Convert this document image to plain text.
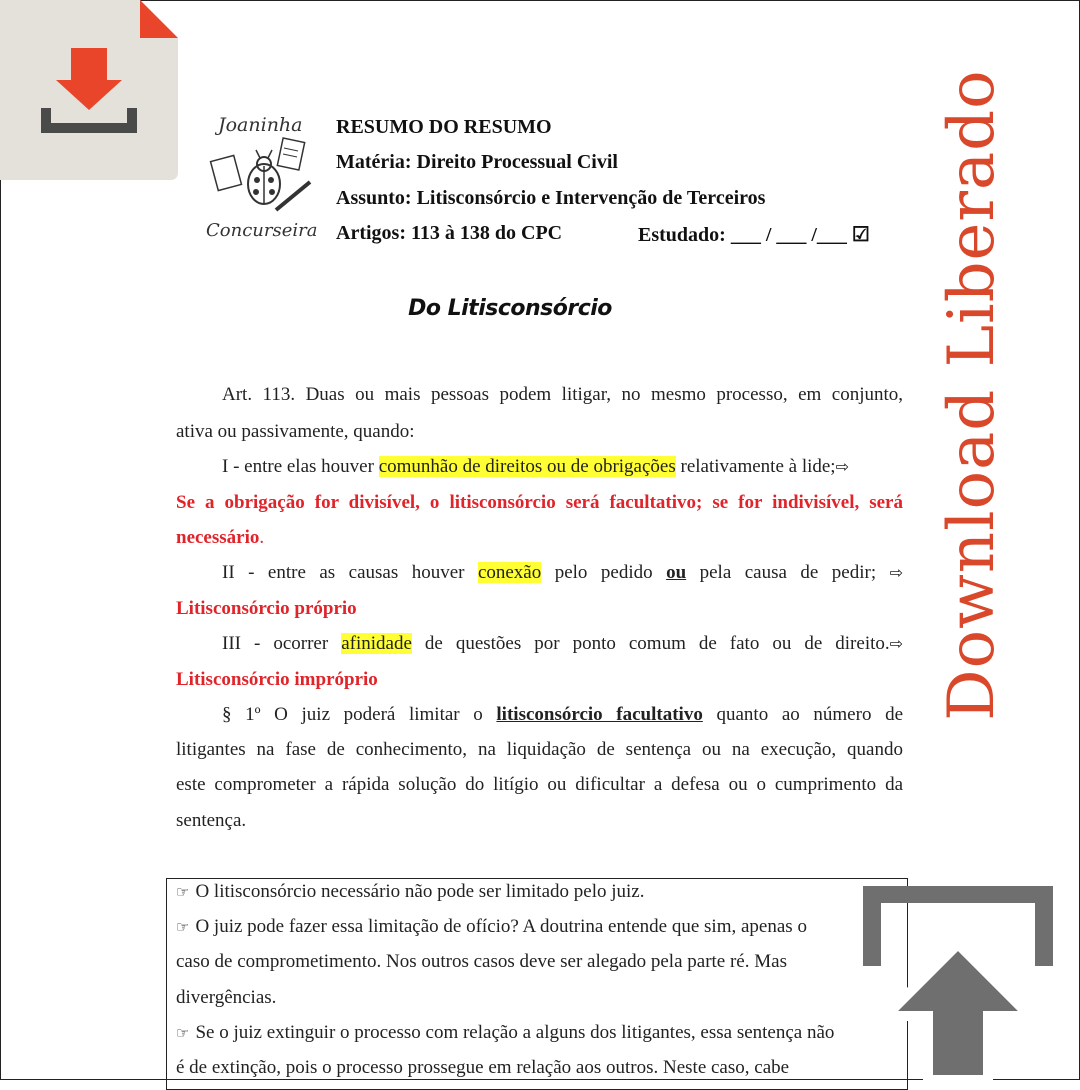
Joaninha
Concurseira
RESUMO DO RESUMO
Matéria: Direito Processual Civil
Assunto: Litisconsórcio e Intervenção de Terceiros
Artigos: 113 à 138 do CPC	Estudado: ___ / ___ /___ ☑
Do Litisconsórcio
Art. 113. Duas ou mais pessoas podem litigar, no mesmo processo, em conjunto,
ativa ou passivamente, quando:
I - entre elas houver comunhão de direitos ou de obrigações relativamente à lide;⇨
Se a obrigação for divisível, o litisconsórcio será facultativo; se for indivisível, será
necessário.
II - entre as causas houver conexão pelo pedido ou pela causa de pedir; ⇨
Litisconsórcio próprio
III - ocorrer afinidade de questões por ponto comum de fato ou de direito.⇨
Litisconsórcio impróprio
§ 1º O juiz poderá limitar o litisconsórcio facultativo quanto ao número de
litigantes na fase de conhecimento, na liquidação de sentença ou na execução, quando
este comprometer a rápida solução do litígio ou dificultar a defesa ou o cumprimento da
sentença.
☞ O litisconsórcio necessário não pode ser limitado pelo juiz.
☞ O juiz pode fazer essa limitação de ofício? A doutrina entende que sim, apenas o
caso de comprometimento. Nos outros casos deve ser alegado pela parte ré. Mas
divergências.
☞ Se o juiz extinguir o processo com relação a alguns dos litigantes, essa sentença não
é de extinção, pois o processo prossegue em relação aos outros. Neste caso, cabe
Download Liberado
